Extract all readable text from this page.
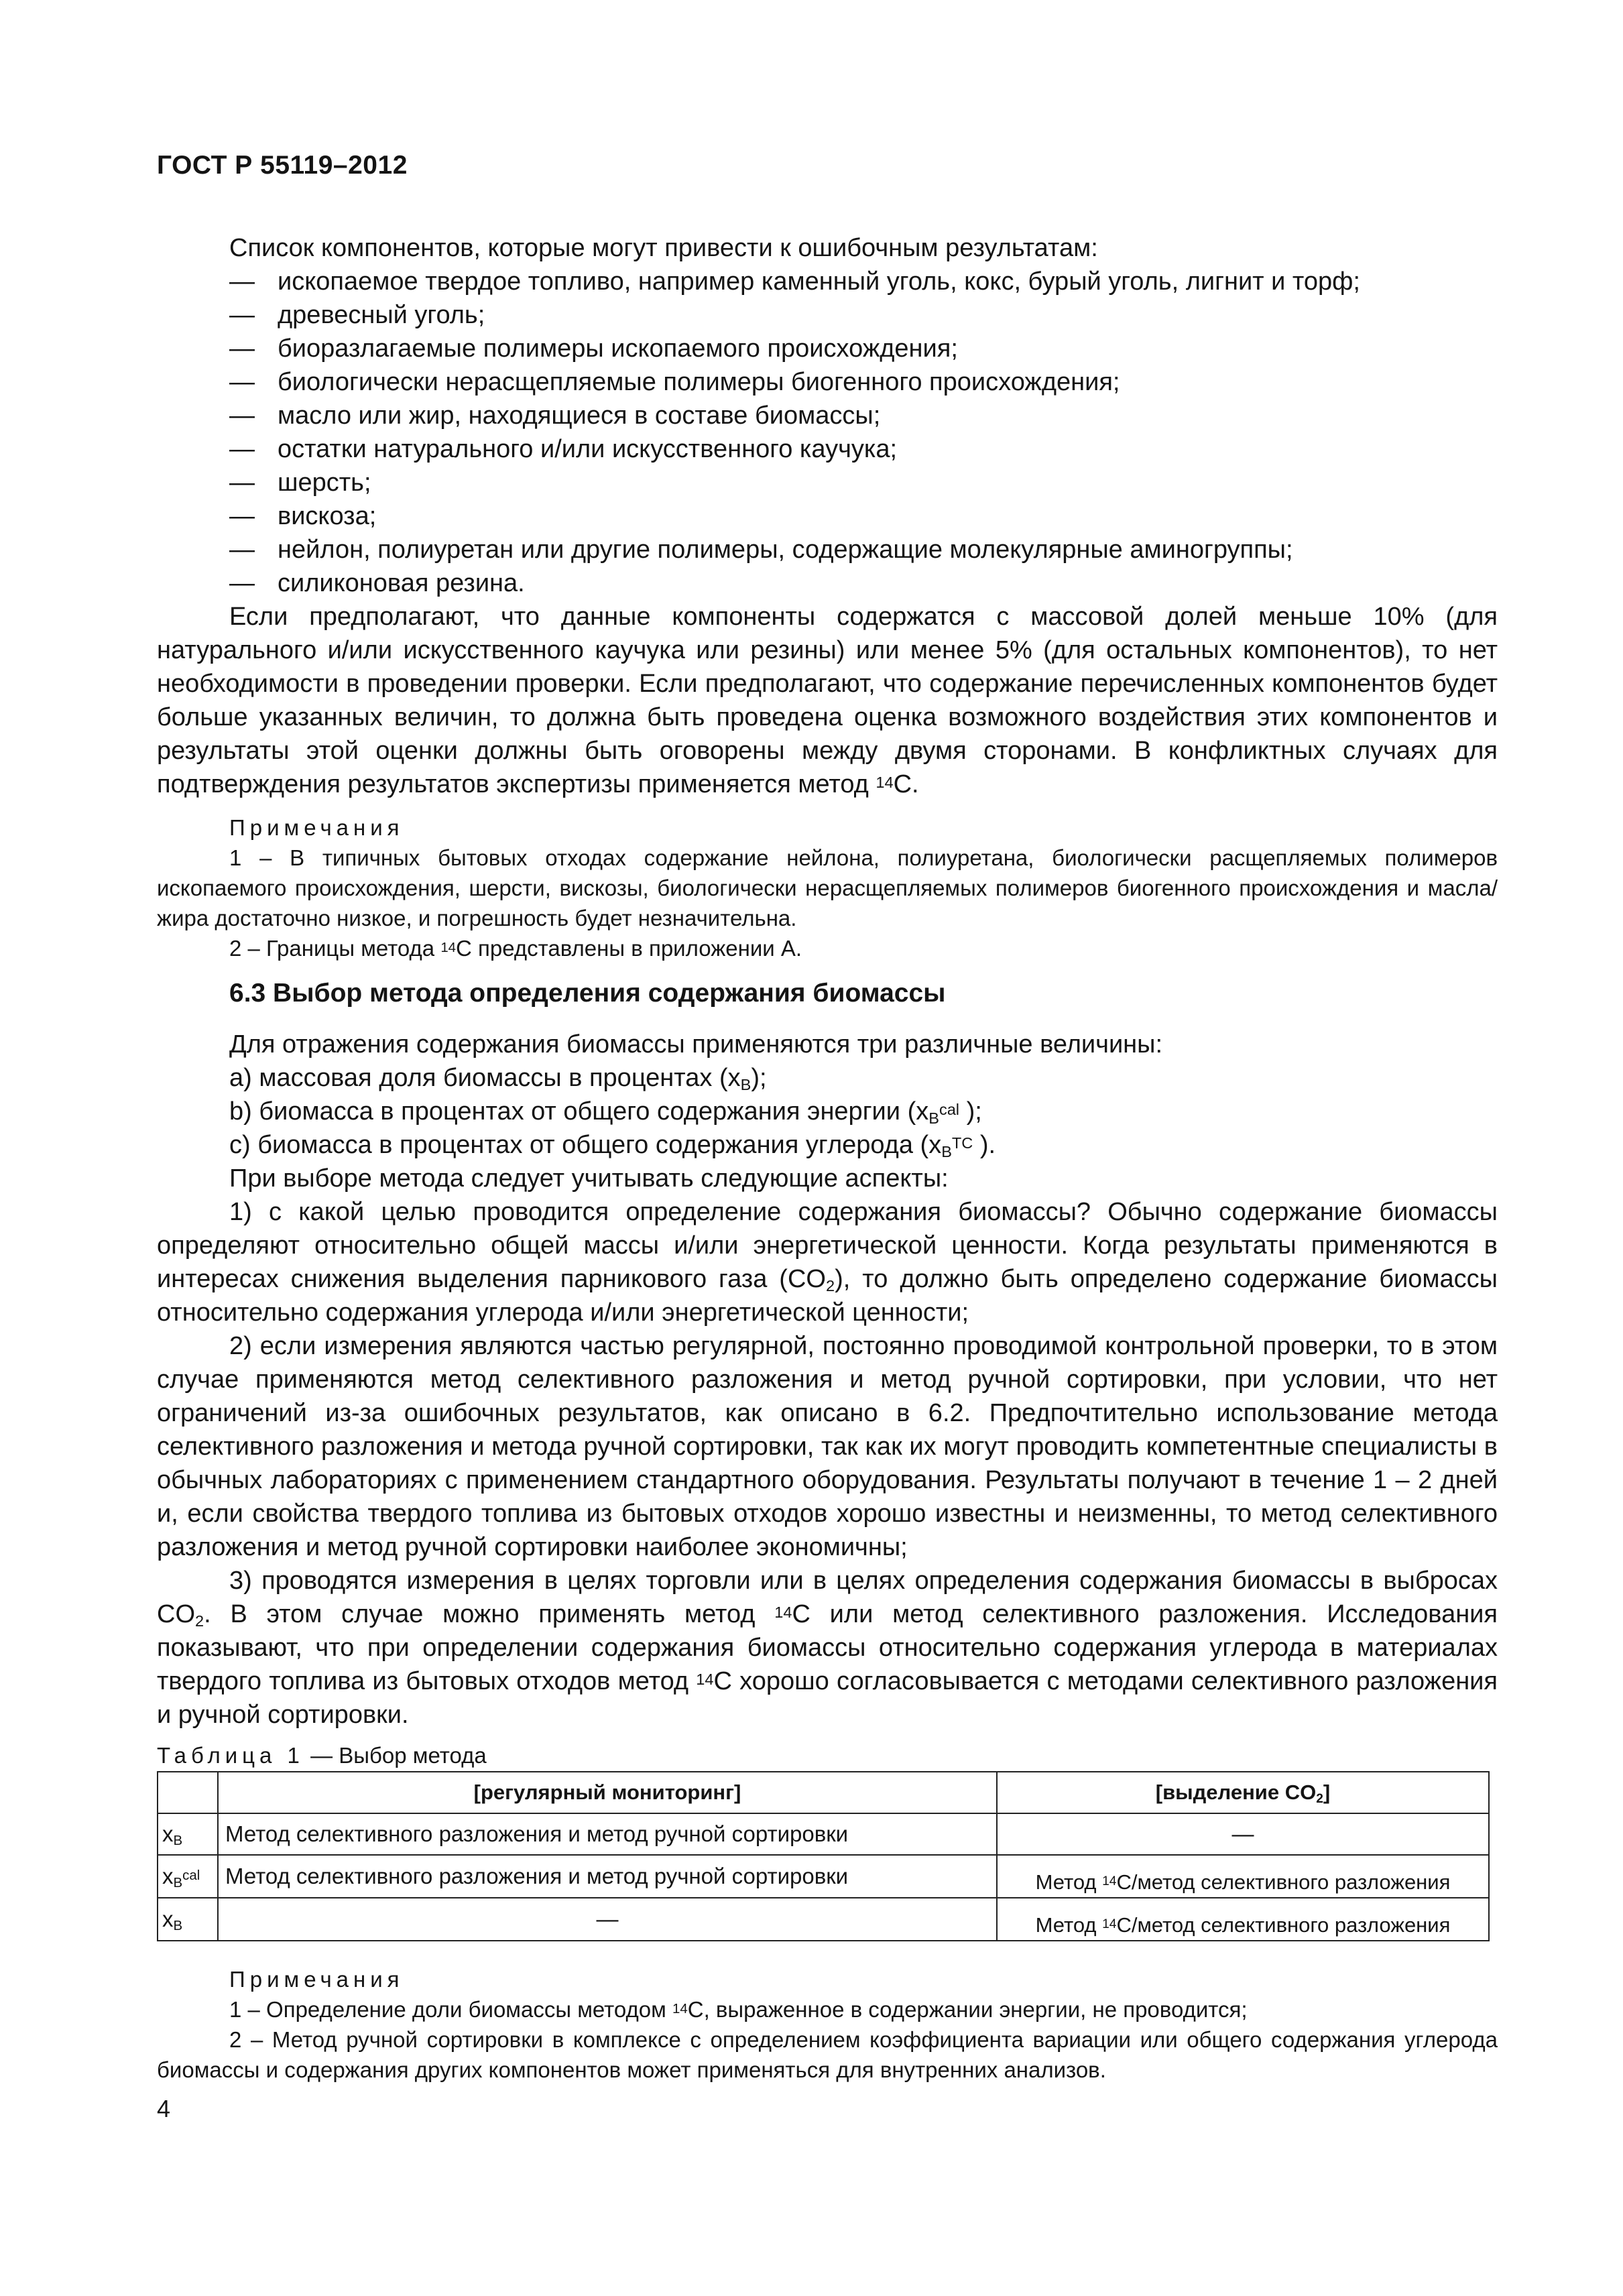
ГОСТ Р 55119–2012

Список компонентов, которые могут привести к ошибочным результатам:

— ископаемое твердое топливо, например каменный уголь, кокс, бурый уголь, лигнит и торф;

— древесный уголь;

— биоразлагаемые полимеры ископаемого происхождения;

— биологически нерасщепляемые полимеры биогенного происхождения;

— масло или жир, находящиеся в составе биомассы;

— остатки натурального и/или искусственного каучука;

— шерсть;

— вискоза;

— нейлон, полиуретан или другие полимеры, содержащие молекулярные аминогруппы;

— силиконовая резина.

Если предполагают, что данные компоненты содержатся с массовой долей меньше 10% (для натурального и/или искусственного каучука или резины) или менее 5% (для остальных компонентов), то нет необходимости в проведении проверки. Если предполагают, что содержание перечисленных компонентов будет больше указанных величин, то должна быть проведена оценка возможного воздействия этих компонентов и результаты этой оценки должны быть оговорены между двумя сторонами. В конфликтных случаях для подтверждения результатов экспертизы применяется метод $^{14}$C.

Примечания

1 – В типичных бытовых отходах содержание нейлона, полиуретана, биологически расщепляемых полимеров ископаемого происхождения, шерсти, вискозы, биологически нерасщепляемых полимеров биогенного происхождения и масла/жира достаточно низкое, и погрешность будет незначительна.

2 – Границы метода $^{14}$C представлены в приложении А.

6.3 Выбор метода определения содержания биомассы

Для отражения содержания биомассы применяются три различные величины:

a) массовая доля биомассы в процентах $(x_B)$;

b) биомасса в процентах от общего содержания энергии ($x_B^{cal}$ );

c) биомасса в процентах от общего содержания углерода ($x_B^{TC}$ ).

При выборе метода следует учитывать следующие аспекты:

1) с какой целью проводится определение содержания биомассы? Обычно содержание биомассы определяют относительно общей массы и/или энергетической ценности. Когда результаты применяются в интересах снижения выделения парникового газа $(CO_2)$, то должно быть определено содержание биомассы относительно содержания углерода и/или энергетической ценности;

2) если измерения являются частью регулярной, постоянно проводимой контрольной проверки, то в этом случае применяются метод селективного разложения и метод ручной сортировки, при условии, что нет ограничений из-за ошибочных результатов, как описано в 6.2. Предпочтительно использование метода селективного разложения и метода ручной сортировки, так как их могут проводить компетентные специалисты в обычных лабораториях с применением стандартного оборудования. Результаты получают в течение 1 – 2 дней и, если свойства твердого топлива из бытовых отходов хорошо известны и неизменны, то метод селективного разложения и метод ручной сортировки наиболее экономичны;

3) проводятся измерения в целях торговли или в целях определения содержания биомассы в выбросах $CO_2$. В этом случае можно применять метод $^{14}$C или метод селективного разложения. Исследования показывают, что при определении содержания биомассы относительно содержания углерода в материалах твердого топлива из бытовых отходов метод $^{14}$C хорошо согласовывается с методами селективного разложения и ручной сортировки.

Таблица 1 — Выбор метода
	[регулярный мониторинг]	[выделение $CO_2$]
$x_B$	Метод селективного разложения и метод ручной сортировки	—
$x_B^{cal}$	Метод селективного разложения и метод ручной сортировки	Метод $^{14}$C/метод селективного разложения
$x_B$	—	Метод $^{14}$C/метод селективного разложения

Примечания

1 – Определение доли биомассы методом $^{14}$C, выраженное в содержании энергии, не проводится;

2 – Метод ручной сортировки в комплексе с определением коэффициента вариации или общего содержания углерода биомассы и содержания других компонентов может применяться для внутренних анализов.

4
